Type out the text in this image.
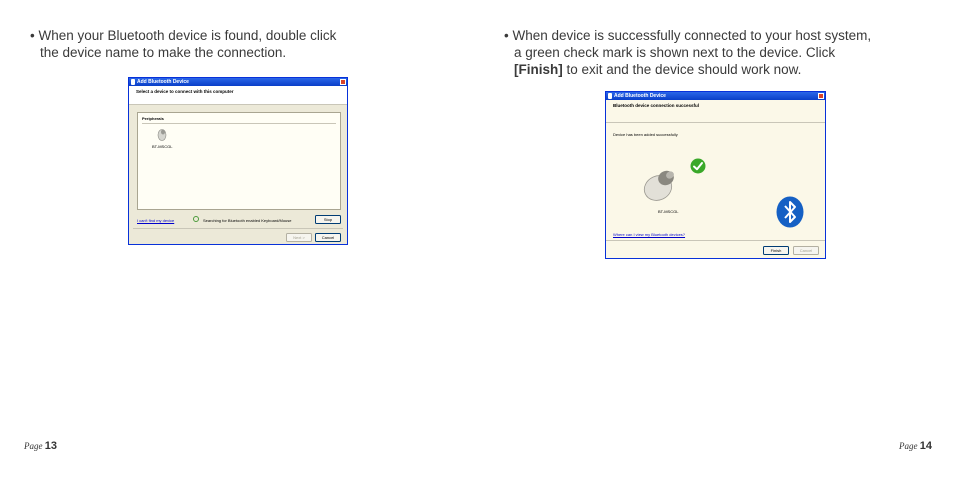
• When your Bluetooth device is found, double click
the device name to make the connection.
Add Bluetooth Device
Select a device to connect with this computer
Peripherals
BT-MSCGL
I can't find my device	Searching for Bluetooth enabled Keyboard/Mouse	Stop
Next >	Cancel
Page 13
• When device is successfully connected to your host system,
a green check mark is shown next to the device. Click
[Finish] to exit and the device should work now.
Add Bluetooth Device
Bluetooth device connection successful
Device has been added successfully
BT-MSCGL
Where can I view my Bluetooth devices?
Finish	Cancel
Page 14
